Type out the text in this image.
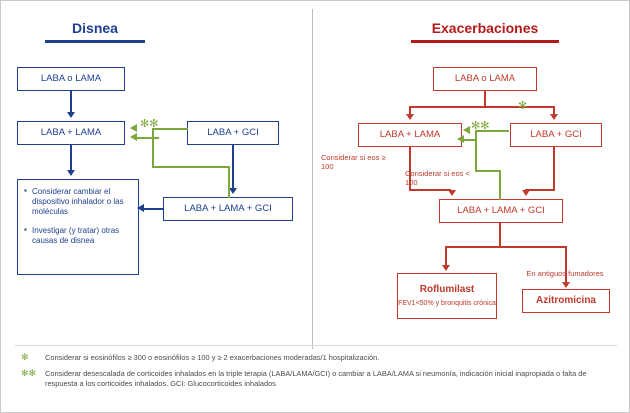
Disnea
LABA o LAMA
LABA + LAMA	LABA + GCI
LABA + LAMA + GCI
✻✻
▪ Considerar cambiar el dispositivo inhalador o las moléculas
▪ Investigar (y tratar) otras causas de disnea
Exacerbaciones
LABA o LAMA
LABA + LAMA	LABA + GCI
LABA + LAMA + GCI
Roflumilast
FEV1<50% y bronquitis crónica	Azitromicina
✻
✻✻
Considerar si eos ≥ 100
Considerar si eos < 100
En antiguos fumadores
✻	Considerar si eosinófilos ≥ 300 o eosinófilos ≥ 100 y ≥ 2 exacerbaciones moderadas/1 hospitalización.
✻✻	Considerar desescalada de corticoides inhalados en la triple terapia (LABA/LAMA/GCI) o cambiar a LABA/LAMA si neumonía, indicación inicial inapropiada o falta de respuesta a los corticoides inhalados. GCI: Glucocorticoides inhalados
